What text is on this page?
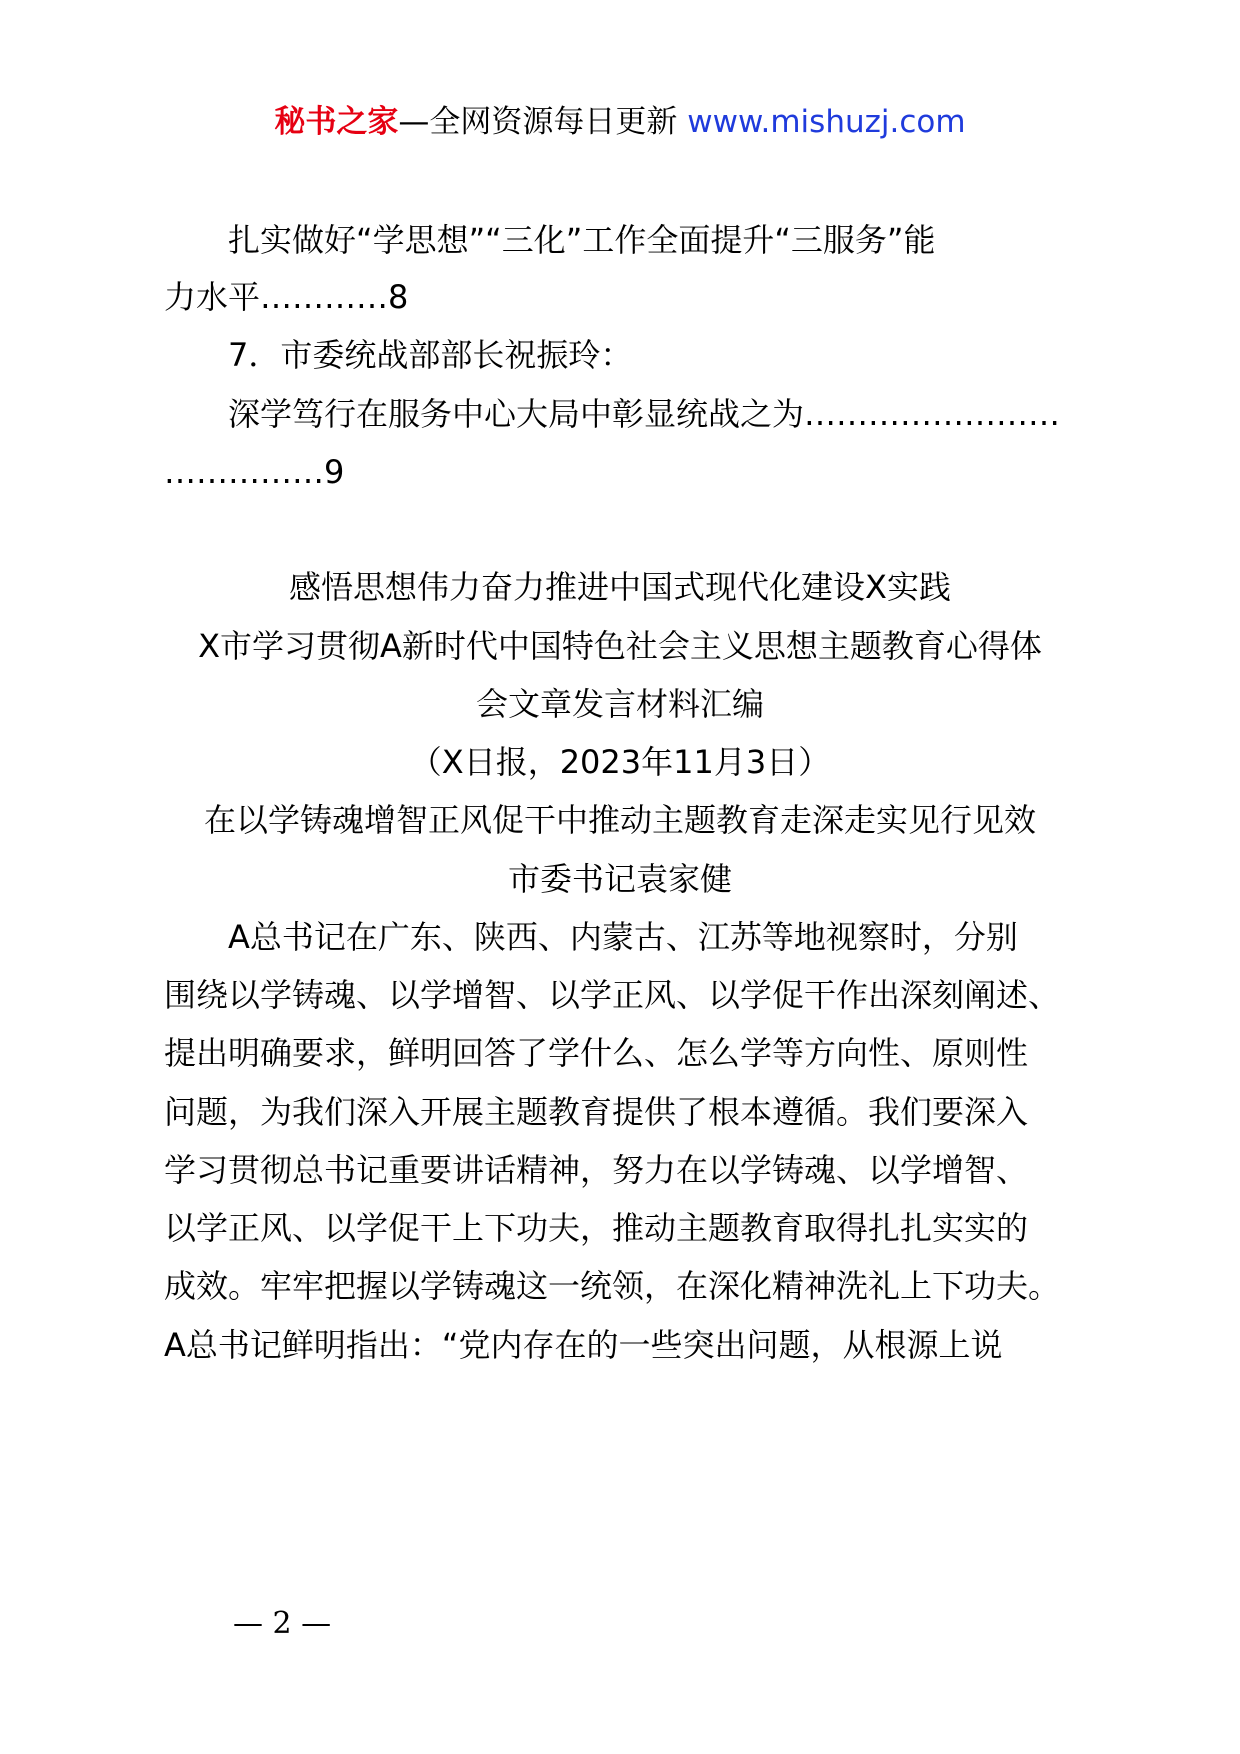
秘书之家—全网资源每日更新 www.mishuzj.com
扎实做好“学思想”“三化”工作全面提升“三服务”能
力水平…………8
7．市委统战部部长祝振玲：
深学笃行在服务中心大局中彰显统战之为……………………
……………9
感悟思想伟力奋力推进中国式现代化建设X实践
X市学习贯彻A新时代中国特色社会主义思想主题教育心得体
会文章发言材料汇编
（X日报，2023年11月3日）
在以学铸魂增智正风促干中推动主题教育走深走实见行见效
市委书记袁家健
A总书记在广东、陕西、内蒙古、江苏等地视察时，分别
围绕以学铸魂、以学增智、以学正风、以学促干作出深刻阐述、
提出明确要求，鲜明回答了学什么、怎么学等方向性、原则性
问题，为我们深入开展主题教育提供了根本遵循。我们要深入
学习贯彻总书记重要讲话精神，努力在以学铸魂、以学增智、
以学正风、以学促干上下功夫，推动主题教育取得扎扎实实的
成效。牢牢把握以学铸魂这一统领，在深化精神洗礼上下功夫。
A总书记鲜明指出：“党内存在的一些突出问题，从根源上说
— 2 —
